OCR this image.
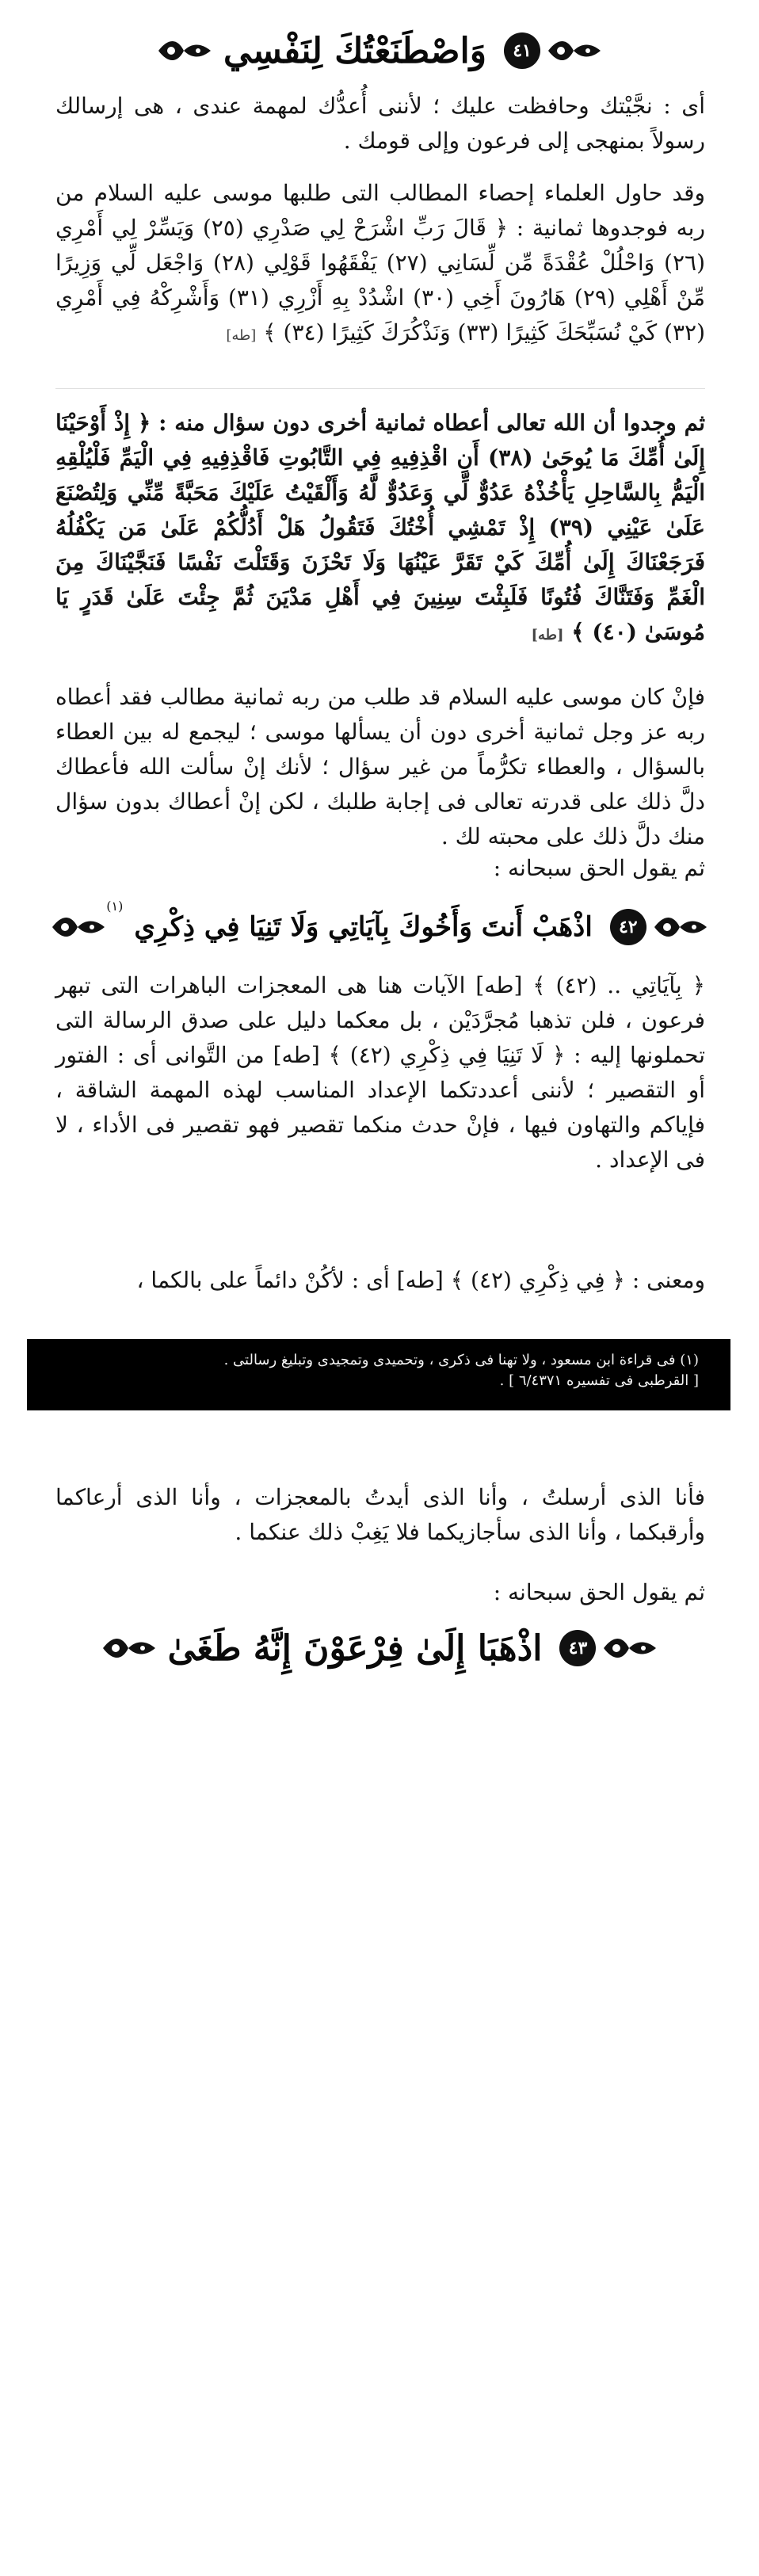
٤١
وَاصْطَنَعْتُكَ لِنَفْسِي

أى : نجَّيْتك وحافظت عليك ؛ لأننى أُعدُّك لمهمة عندى ، هى إرسالك رسولاً بمنهجى إلى فرعون وإلى قومك .

وقد حاول العلماء إحصاء المطالب التى طلبها موسى عليه السلام من ربه فوجدوها ثمانية : ﴿ قَالَ رَبِّ اشْرَحْ لِي صَدْرِي (٢٥) وَيَسِّرْ لِي أَمْرِي (٢٦) وَاحْلُلْ عُقْدَةً مِّن لِّسَانِي (٢٧) يَفْقَهُوا قَوْلِي (٢٨) وَاجْعَل لِّي وَزِيرًا مِّنْ أَهْلِي (٢٩) هَارُونَ أَخِي (٣٠) اشْدُدْ بِهِ أَزْرِي (٣١) وَأَشْرِكْهُ فِي أَمْرِي (٣٢) كَيْ نُسَبِّحَكَ كَثِيرًا (٣٣) وَنَذْكُرَكَ كَثِيرًا (٣٤) ﴾ [طه]

ثم وجدوا أن الله تعالى أعطاه ثمانية أخرى دون سؤال منه : ﴿ إِذْ أَوْحَيْنَا إِلَىٰ أُمِّكَ مَا يُوحَىٰ (٣٨) أَنِ اقْذِفِيهِ فِي التَّابُوتِ فَاقْذِفِيهِ فِي الْيَمِّ فَلْيُلْقِهِ الْيَمُّ بِالسَّاحِلِ يَأْخُذْهُ عَدُوٌّ لِّي وَعَدُوٌّ لَّهُ وَأَلْقَيْتُ عَلَيْكَ مَحَبَّةً مِّنِّي وَلِتُصْنَعَ عَلَىٰ عَيْنِي (٣٩) إِذْ تَمْشِي أُخْتُكَ فَتَقُولُ هَلْ أَدُلُّكُمْ عَلَىٰ مَن يَكْفُلُهُ فَرَجَعْنَاكَ إِلَىٰ أُمِّكَ كَيْ تَقَرَّ عَيْنُهَا وَلَا تَحْزَنَ وَقَتَلْتَ نَفْسًا فَنَجَّيْنَاكَ مِنَ الْغَمِّ وَفَتَنَّاكَ فُتُونًا فَلَبِثْتَ سِنِينَ فِي أَهْلِ مَدْيَنَ ثُمَّ جِئْتَ عَلَىٰ قَدَرٍ يَا مُوسَىٰ (٤٠) ﴾ [طه]

فإنْ كان موسى عليه السلام قد طلب من ربه ثمانية مطالب فقد أعطاه ربه عز وجل ثمانية أخرى دون أن يسألها موسى ؛ ليجمع له بين العطاء بالسؤال ، والعطاء تكرُّماً من غير سؤال ؛ لأنك إنْ سألت الله فأعطاك دلَّ ذلك على قدرته تعالى فى إجابة طلبك ، لكن إنْ أعطاك بدون سؤال منك دلَّ ذلك على محبته لك .

ثم يقول الحق سبحانه :

٤٢
اذْهَبْ أَنتَ وَأَخُوكَ بِآيَاتِي وَلَا تَنِيَا فِي ذِكْرِي
(١)

﴿ بِآيَاتِي .. (٤٢) ﴾ [طه] الآيات هنا هى المعجزات الباهرات التى تبهر فرعون ، فلن تذهبا مُجرَّدَيْن ، بل معكما دليل على صدق الرسالة التى تحملونها إليه : ﴿ لَا تَنِيَا فِي ذِكْرِي (٤٢) ﴾ [طه] من التَّوانى أى : الفتور أو التقصير ؛ لأننى أعددتكما الإعداد المناسب لهذه المهمة الشاقة ، فإياكم والتهاون فيها ، فإنْ حدث منكما تقصير فهو تقصير فى الأداء ، لا فى الإعداد .

ومعنى : ﴿ فِي ذِكْرِي (٤٢) ﴾ [طه] أى : لأكُنْ دائماً على بالكما ،

(١) فى قراءة ابن مسعود ، ولا تهنا فى ذكرى ، وتحميدى وتمجيدى وتبليغ رسالتى .
[ القرطبى فى تفسيره ٦/٤٣٧١ ] .

فأنا الذى أرسلتُ ، وأنا الذى أيدتُ بالمعجزات ، وأنا الذى أرعاكما وأرقبكما ، وأنا الذى سأجازيكما فلا يَغِبْ ذلك عنكما .

ثم يقول الحق سبحانه :

٤٣
اذْهَبَا إِلَىٰ فِرْعَوْنَ إِنَّهُ طَغَىٰ
